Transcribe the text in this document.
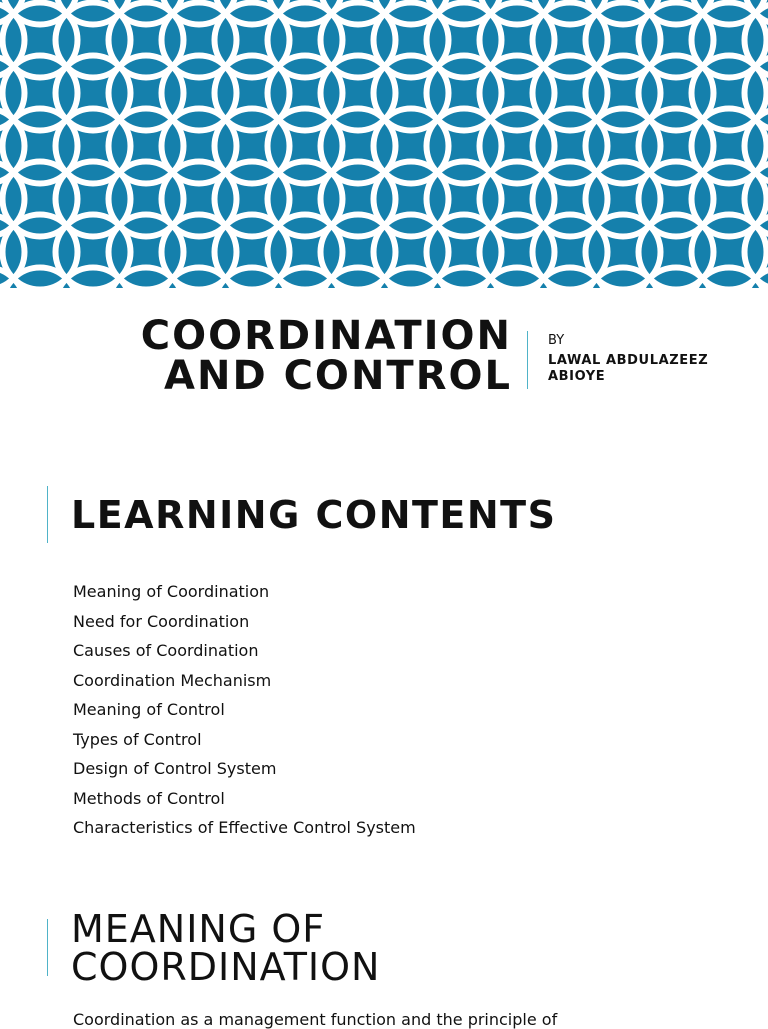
COORDINATION
AND CONTROL
BY
LAWAL ABDULAZEEZ
ABIOYE
LEARNING CONTENTS
Meaning of Coordination
Need for Coordination
Causes of Coordination
Coordination Mechanism
Meaning of Control
Types of Control
Design of Control System
Methods of Control
Characteristics of Effective Control System
MEANING OF
COORDINATION
Coordination as a management function and the principle of
